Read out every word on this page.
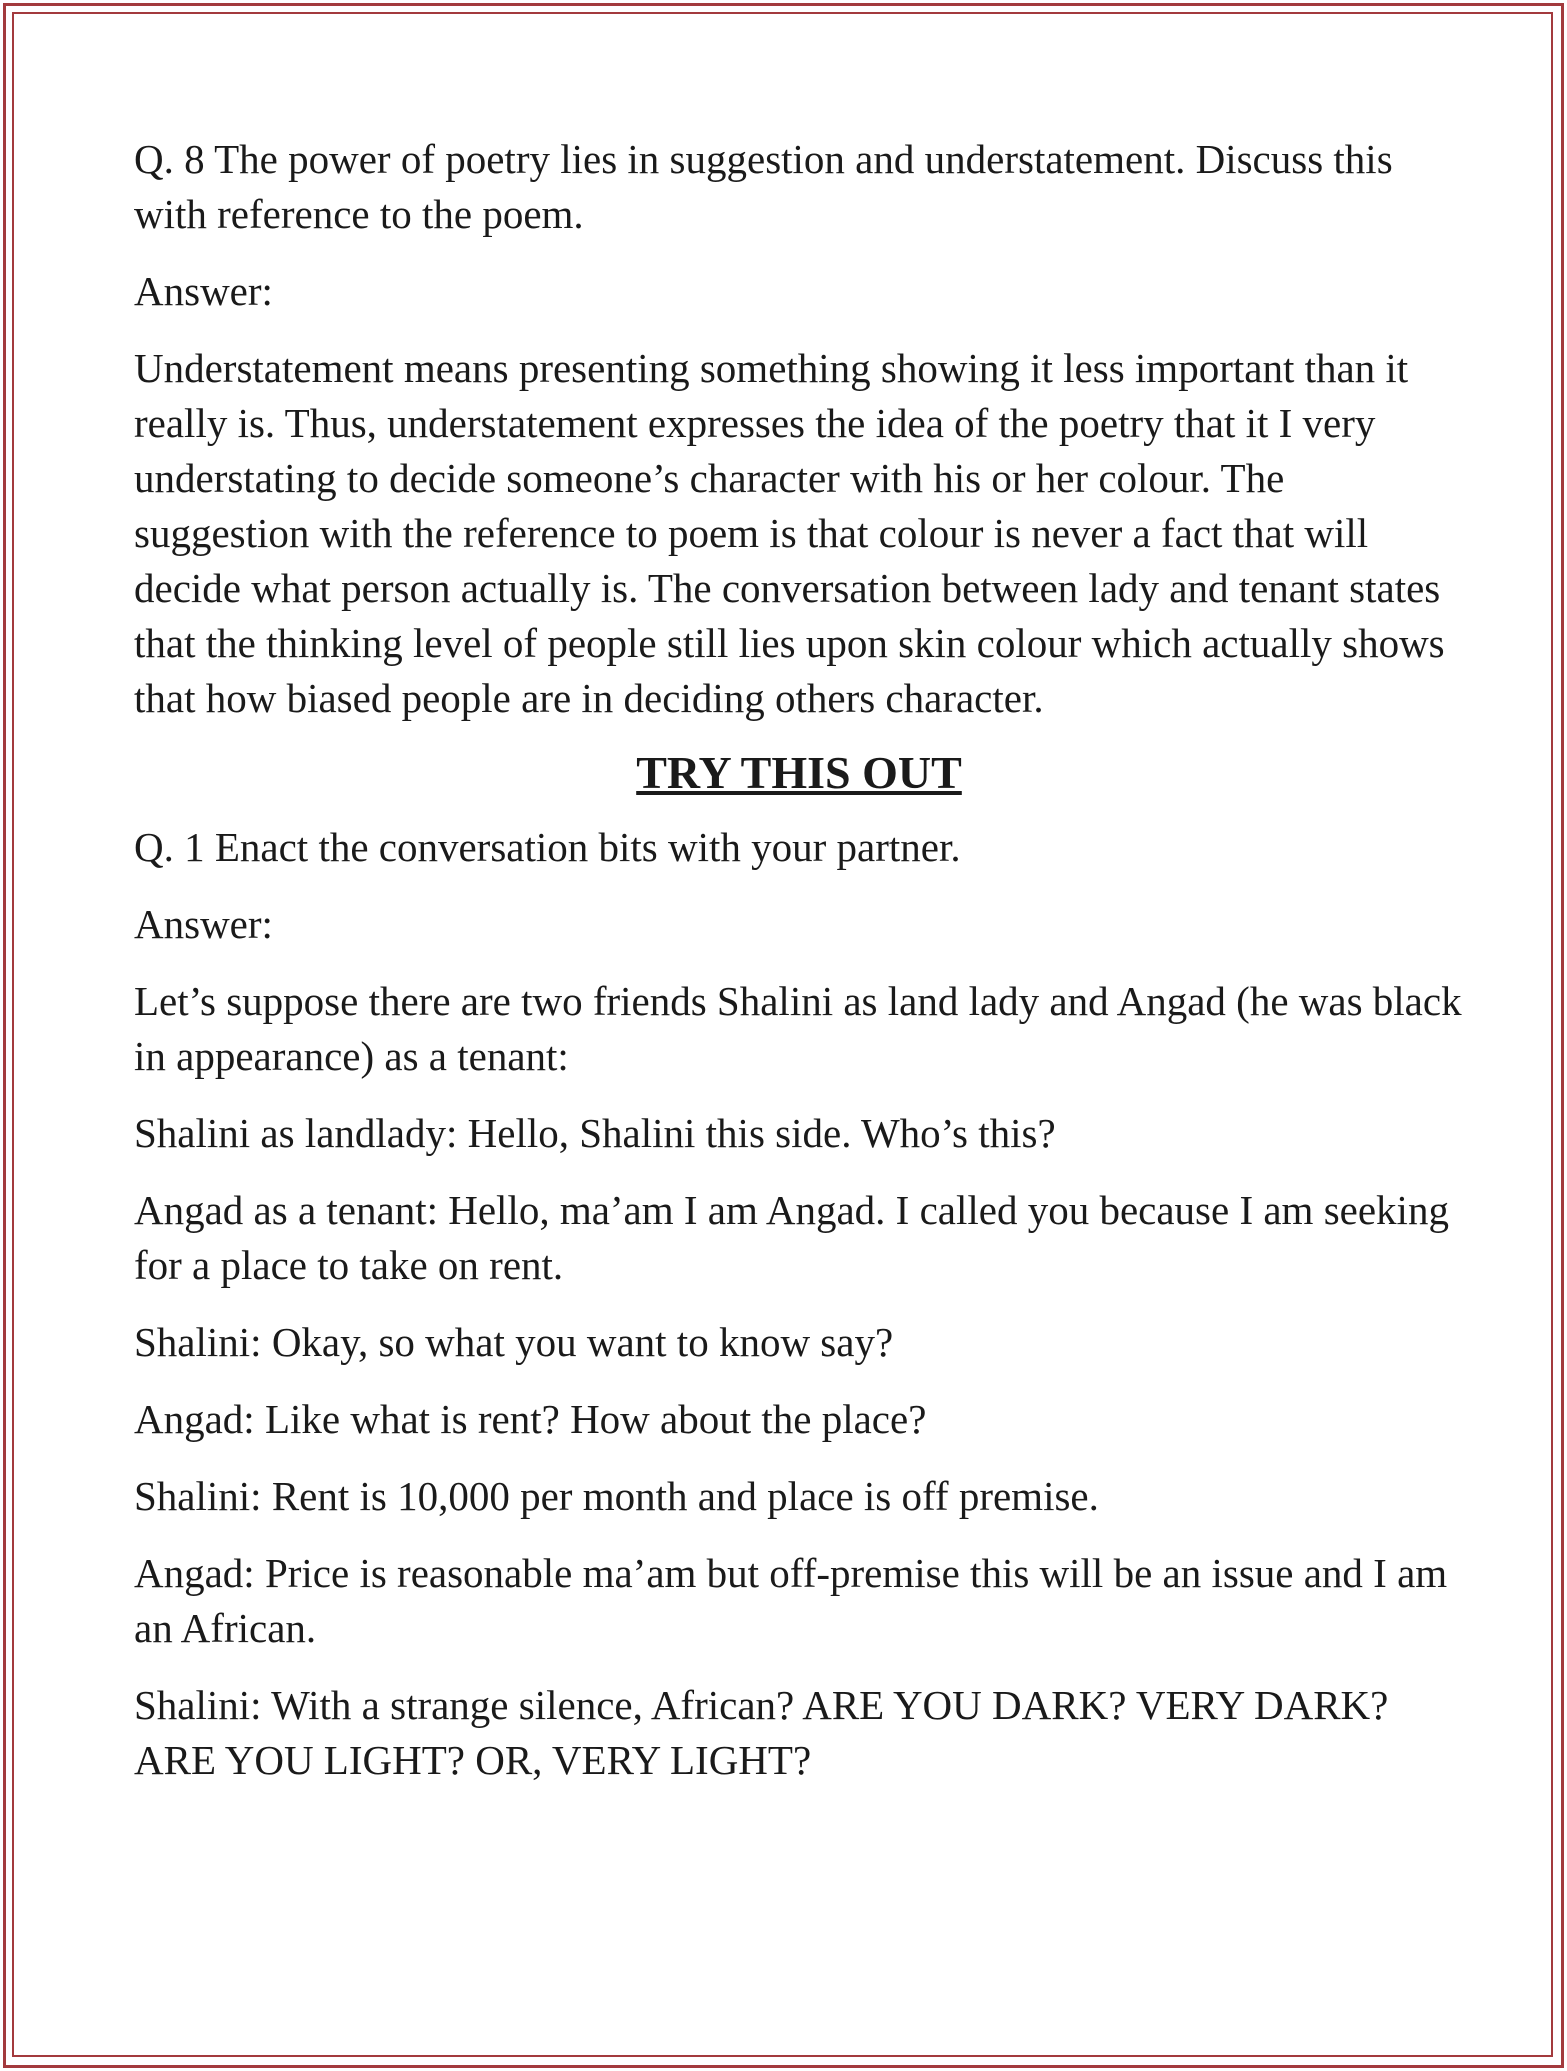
Q. 8 The power of poetry lies in suggestion and understatement. Discuss this with reference to the poem.

Answer:

Understatement means presenting something showing it less important than it really is. Thus, understatement expresses the idea of the poetry that it I very understating to decide someone’s character with his or her colour. The suggestion with the reference to poem is that colour is never a fact that will decide what person actually is. The conversation between lady and tenant states that the thinking level of people still lies upon skin colour which actually shows that how biased people are in deciding others character.

TRY THIS OUT

Q. 1 Enact the conversation bits with your partner.

Answer:

Let’s suppose there are two friends Shalini as land lady and Angad (he was black in appearance) as a tenant:

Shalini as landlady: Hello, Shalini this side. Who’s this?

Angad as a tenant: Hello, ma’am I am Angad. I called you because I am seeking for a place to take on rent.

Shalini: Okay, so what you want to know say?

Angad: Like what is rent? How about the place?

Shalini: Rent is 10,000 per month and place is off premise.

Angad: Price is reasonable ma’am but off-premise this will be an issue and I am an African.

Shalini: With a strange silence, African? ARE YOU DARK? VERY DARK? ARE YOU LIGHT? OR, VERY LIGHT?
